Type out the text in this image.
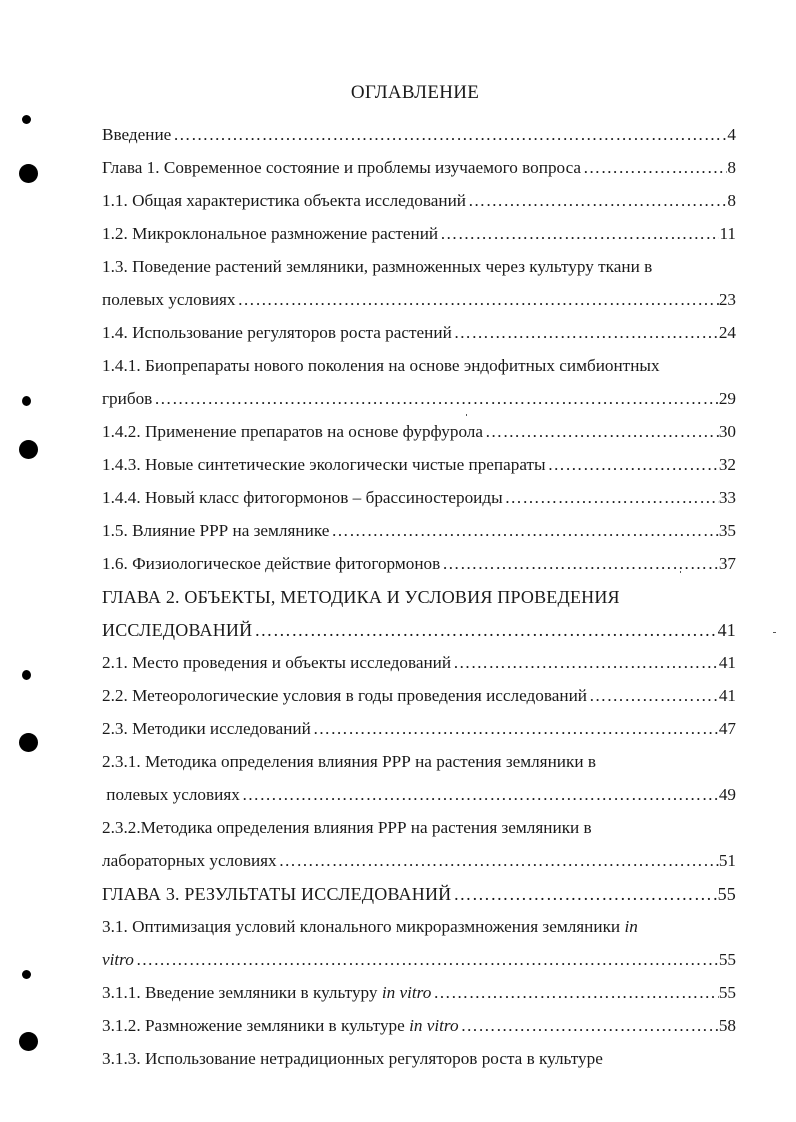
ОГЛАВЛЕНИЕ
Введение ……………………………………………………………………………………………………………………………………………	4
Глава 1. Современное состояние и проблемы изучаемого вопроса ……………………………………………………………………………………………………………………………………………	8
1.1. Общая характеристика объекта исследований ……………………………………………………………………………………………………………………………………………	8
1.2. Микроклональное размножение растений ……………………………………………………………………………………………………………………………………………	11
1.3. Поведение растений земляники, размноженных через культуру ткани в
полевых условиях ……………………………………………………………………………………………………………………………………………	23
1.4. Использование регуляторов роста растений ……………………………………………………………………………………………………………………………………………	24
1.4.1. Биопрепараты нового поколения на основе эндофитных симбионтных
грибов ……………………………………………………………………………………………………………………………………………	29
1.4.2. Применение препаратов на основе фурфурола ……………………………………………………………………………………………………………………………………………	30
1.4.3. Новые синтетические экологически чистые препараты ……………………………………………………………………………………………………………………………………………	32
1.4.4. Новый класс фитогормонов – брассиностероиды ……………………………………………………………………………………………………………………………………………	33
1.5. Влияние РРР на землянике ……………………………………………………………………………………………………………………………………………	35
1.6. Физиологическое действие фитогормонов ……………………………………………………………………………………………………………………………………………	37
ГЛАВА 2. ОБЪЕКТЫ, МЕТОДИКА И УСЛОВИЯ ПРОВЕДЕНИЯ
ИССЛЕДОВАНИЙ ……………………………………………………………………………………………………………………………………………	41
2.1. Место проведения и объекты исследований ……………………………………………………………………………………………………………………………………………	41
2.2. Метеорологические условия в годы проведения исследований ……………………………………………………………………………………………………………………………………………	41
2.3. Методики исследований ……………………………………………………………………………………………………………………………………………	47
2.3.1. Методика определения влияния РРР на растения земляники в
полевых условиях ……………………………………………………………………………………………………………………………………………	49
2.3.2.Методика определения влияния РРР на растения земляники в
лабораторных условиях ……………………………………………………………………………………………………………………………………………	51
ГЛАВА 3. РЕЗУЛЬТАТЫ ИССЛЕДОВАНИЙ ……………………………………………………………………………………………………………………………………………	55
3.1. Оптимизация условий клонального микроразмножения земляники in
vitro ……………………………………………………………………………………………………………………………………………	55
3.1.1. Введение земляники в культуру in vitro ……………………………………………………………………………………………………………………………………………	55
3.1.2. Размножение земляники в культуре in vitro ……………………………………………………………………………………………………………………………………………	58
3.1.3. Использование нетрадиционных регуляторов роста в культуре
